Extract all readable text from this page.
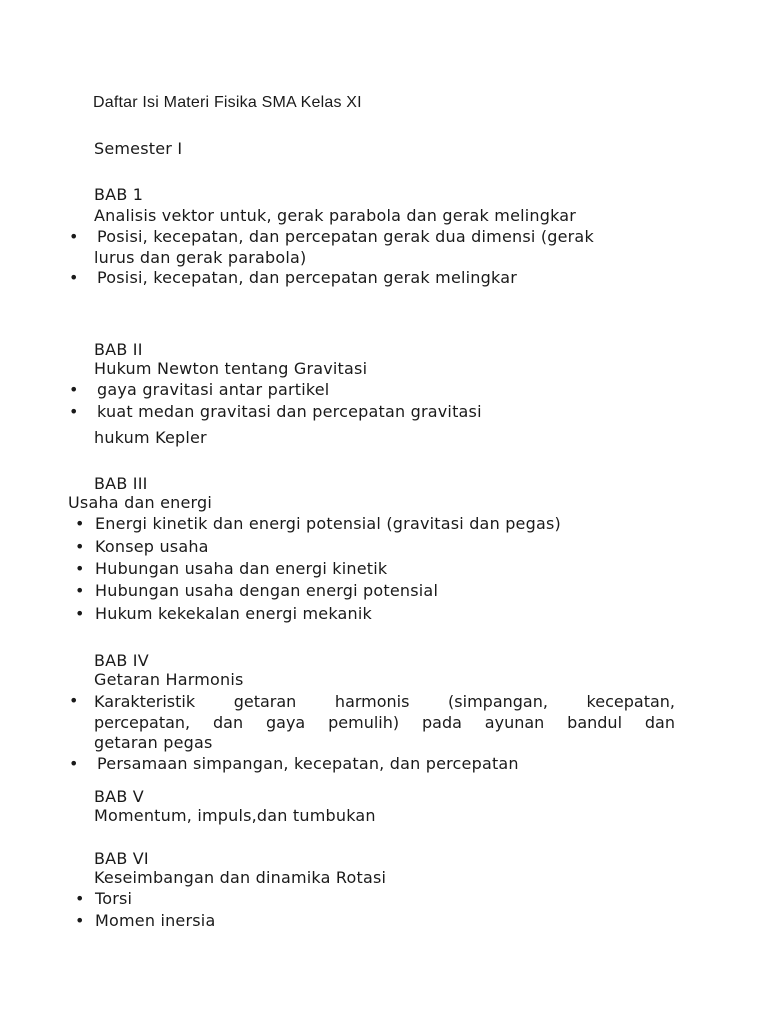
Daftar Isi Materi Fisika SMA Kelas XI
Semester I
BAB 1
Analisis vektor untuk, gerak parabola dan gerak melingkar
• Posisi, kecepatan, dan percepatan gerak dua dimensi (gerak
lurus dan gerak parabola)
• Posisi, kecepatan, dan percepatan gerak melingkar
BAB II
Hukum Newton tentang Gravitasi
• gaya gravitasi antar partikel
• kuat medan gravitasi dan percepatan gravitasi
hukum Kepler
BAB III
Usaha dan energi
• Energi kinetik dan energi potensial (gravitasi dan pegas)
• Konsep usaha
• Hubungan usaha dan energi kinetik
• Hubungan usaha dengan energi potensial
• Hukum kekekalan energi mekanik
BAB IV
Getaran Harmonis
• Karakteristik getaran harmonis (simpangan, kecepatan,
percepatan, dan gaya pemulih) pada ayunan bandul dan
getaran pegas
• Persamaan simpangan, kecepatan, dan percepatan
BAB V
Momentum, impuls,dan tumbukan
BAB VI
Keseimbangan dan dinamika Rotasi
• Torsi
• Momen inersia
